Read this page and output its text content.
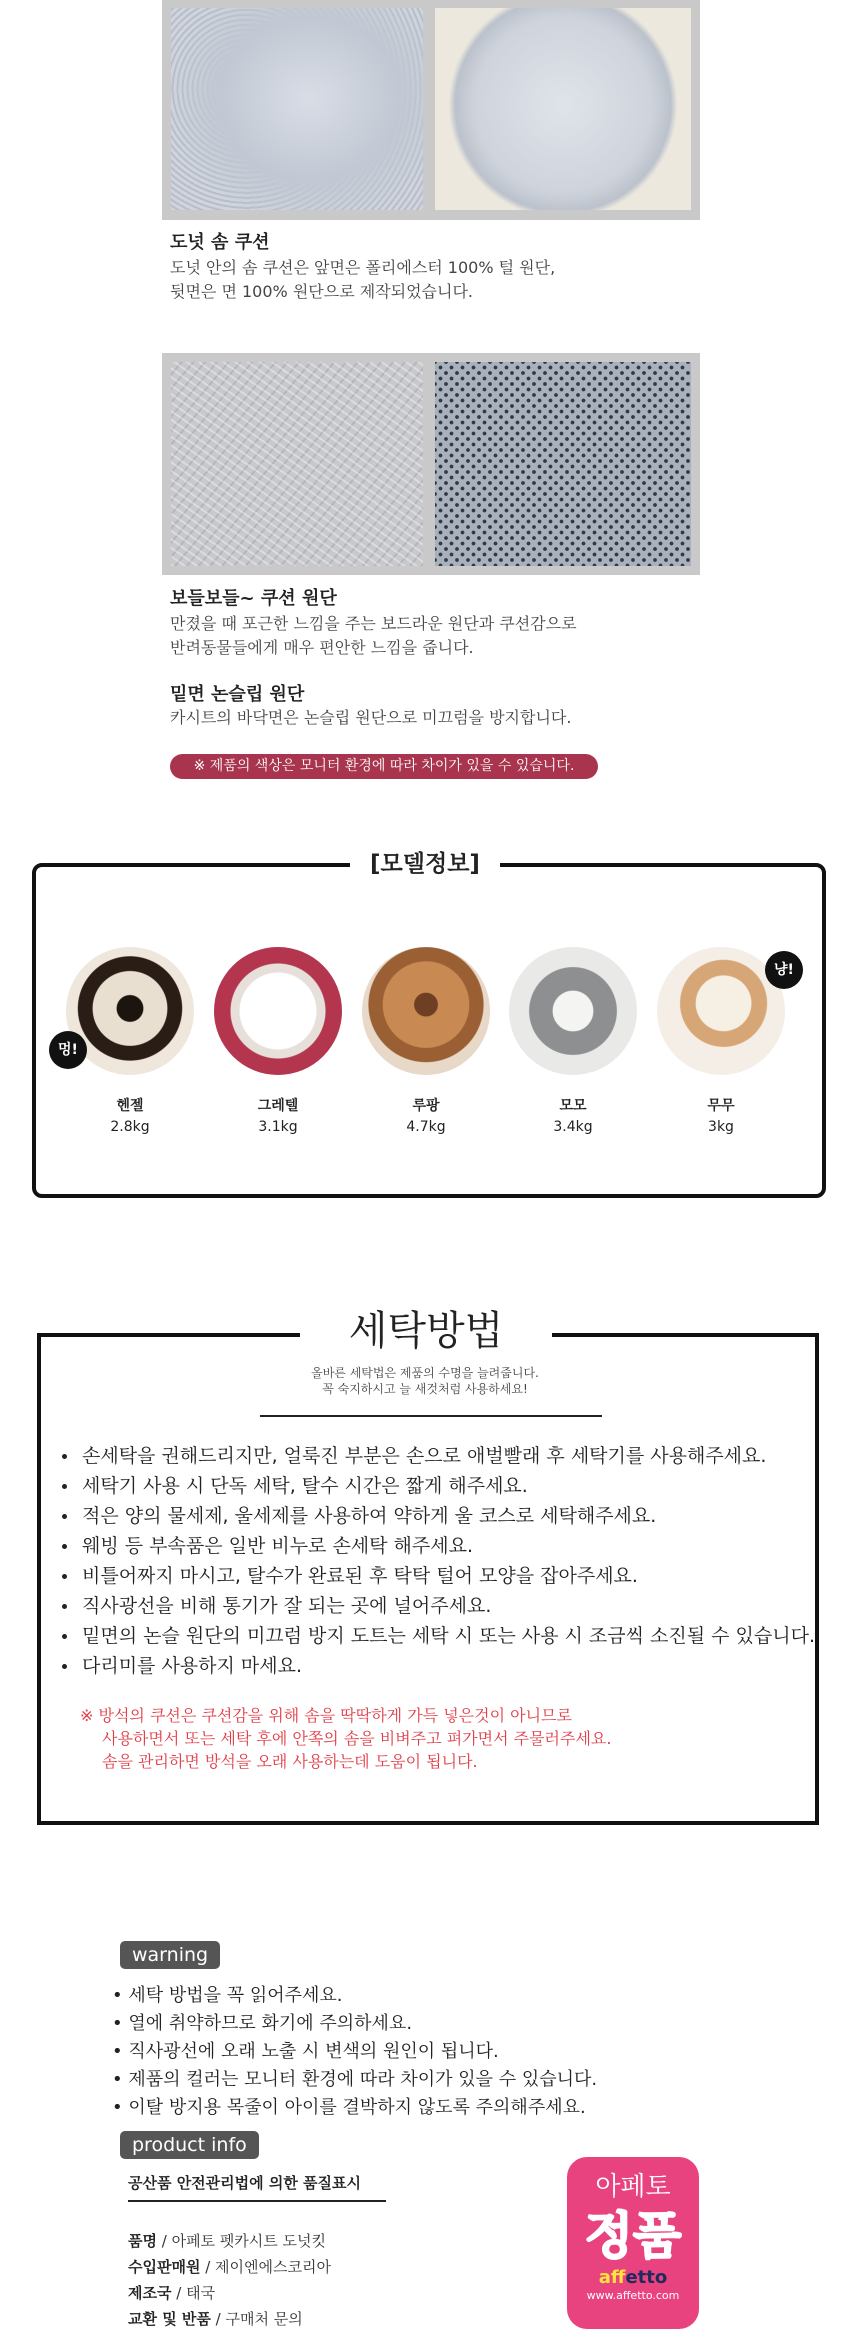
도넛 솜 쿠션
도넛 안의 솜 쿠션은 앞면은 폴리에스터 100% 털 원단,
뒷면은 면 100% 원단으로 제작되었습니다.
보들보들~ 쿠션 원단
만졌을 때 포근한 느낌을 주는 보드라운 원단과 쿠션감으로
반려동물들에게 매우 편안한 느낌을 줍니다.
밑면 논슬립 원단
카시트의 바닥면은 논슬립 원단으로 미끄럼을 방지합니다.
※ 제품의 색상은 모니터 환경에 따라 차이가 있을 수 있습니다.
[모델정보]
멍!
헨젤
2.8kg
그레텔
3.1kg
루팡
4.7kg
모모
3.4kg
냥!
무무
3kg
세탁방법
올바른 세탁법은 제품의 수명을 늘려줍니다.
꼭 숙지하시고 늘 새것처럼 사용하세요!
손세탁을 권해드리지만, 얼룩진 부분은 손으로 애벌빨래 후 세탁기를 사용해주세요.
세탁기 사용 시 단독 세탁, 탈수 시간은 짧게 해주세요.
적은 양의 물세제, 울세제를 사용하여 약하게 울 코스로 세탁해주세요.
웨빙 등 부속품은 일반 비누로 손세탁 해주세요.
비틀어짜지 마시고, 탈수가 완료된 후 탁탁 털어 모양을 잡아주세요.
직사광선을 비해 통기가 잘 되는 곳에 널어주세요.
밑면의 논슬 원단의 미끄럼 방지 도트는 세탁 시 또는 사용 시 조금씩 소진될 수 있습니다.
다리미를 사용하지 마세요.
※ 방석의 쿠션은 쿠션감을 위해 솜을 딱딱하게 가득 넣은것이 아니므로
사용하면서 또는 세탁 후에 안쪽의 솜을 비벼주고 펴가면서 주물러주세요.
솜을 관리하면 방석을 오래 사용하는데 도움이 됩니다.
warning
• 세탁 방법을 꼭 읽어주세요.
• 열에 취약하므로 화기에 주의하세요.
• 직사광선에 오래 노출 시 변색의 원인이 됩니다.
• 제품의 컬러는 모니터 환경에 따라 차이가 있을 수 있습니다.
• 이탈 방지용 목줄이 아이를 결박하지 않도록 주의해주세요.
product info
공산품 안전관리법에 의한 품질표시
품명 / 아페토 펫카시트 도넛킷
수입판매원 / 제이엔에스코리아
제조국 / 태국
교환 및 반품 / 구매처 문의
아페토
정품
affetto
www.affetto.com
